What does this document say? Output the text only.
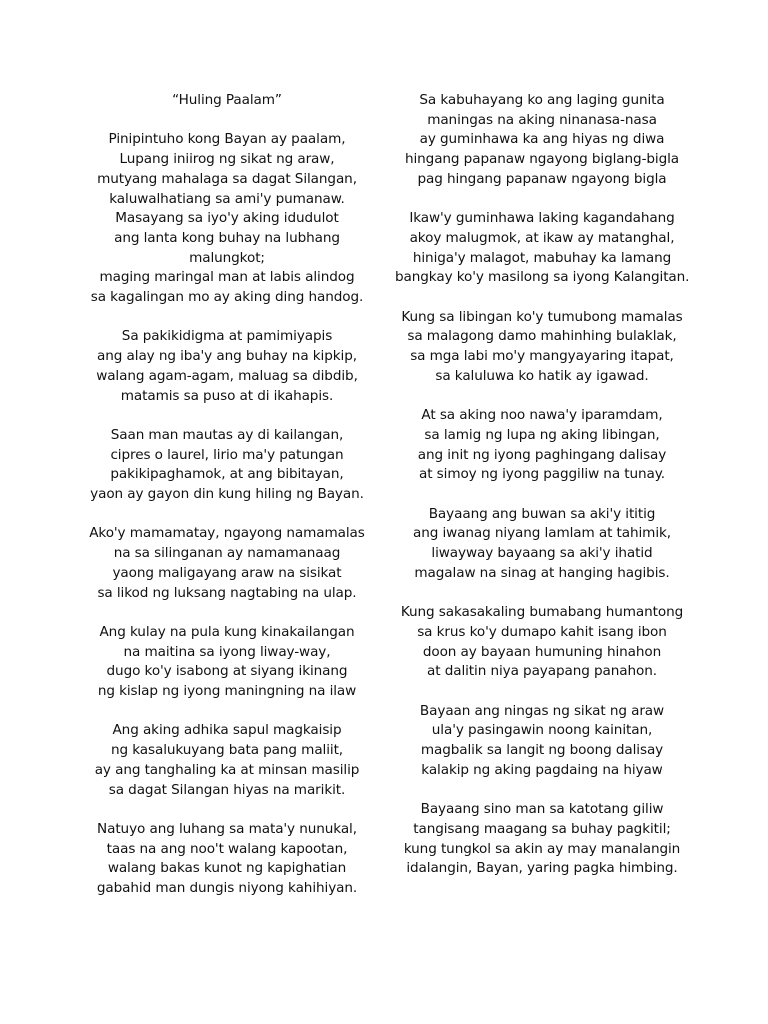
“Huling Paalam”
Pinipintuho kong Bayan ay paalam,
Lupang iniirog ng sikat ng araw,
mutyang mahalaga sa dagat Silangan,
kaluwalhatiang sa ami'y pumanaw.
Masayang sa iyo'y aking idudulot
ang lanta kong buhay na lubhang
malungkot;
maging maringal man at labis alindog
sa kagalingan mo ay aking ding handog.
Sa pakikidigma at pamimiyapis
ang alay ng iba'y ang buhay na kipkip,
walang agam-agam, maluag sa dibdib,
matamis sa puso at di ikahapis.
Saan man mautas ay di kailangan,
cipres o laurel, lirio ma'y patungan
pakikipaghamok, at ang bibitayan,
yaon ay gayon din kung hiling ng Bayan.
Ako'y mamamatay, ngayong namamalas
na sa silinganan ay namamanaag
yaong maligayang araw na sisikat
sa likod ng luksang nagtabing na ulap.
Ang kulay na pula kung kinakailangan
na maitina sa iyong liway-way,
dugo ko'y isabong at siyang ikinang
ng kislap ng iyong maningning na ilaw
Ang aking adhika sapul magkaisip
ng kasalukuyang bata pang maliit,
ay ang tanghaling ka at minsan masilip
sa dagat Silangan hiyas na marikit.
Natuyo ang luhang sa mata'y nunukal,
taas na ang noo't walang kapootan,
walang bakas kunot ng kapighatian
gabahid man dungis niyong kahihiyan.
Sa kabuhayang ko ang laging gunita
maningas na aking ninanasa-nasa
ay guminhawa ka ang hiyas ng diwa
hingang papanaw ngayong biglang-bigla
pag hingang papanaw ngayong bigla
Ikaw'y guminhawa laking kagandahang
akoy malugmok, at ikaw ay matanghal,
hiniga'y malagot, mabuhay ka lamang
bangkay ko'y masilong sa iyong Kalangitan.
Kung sa libingan ko'y tumubong mamalas
sa malagong damo mahinhing bulaklak,
sa mga labi mo'y mangyayaring itapat,
sa kaluluwa ko hatik ay igawad.
At sa aking noo nawa'y iparamdam,
sa lamig ng lupa ng aking libingan,
ang init ng iyong paghingang dalisay
at simoy ng iyong paggiliw na tunay.
Bayaang ang buwan sa aki'y ititig
ang iwanag niyang lamlam at tahimik,
liwayway bayaang sa aki'y ihatid
magalaw na sinag at hanging hagibis.
Kung sakasakaling bumabang humantong
sa krus ko'y dumapo kahit isang ibon
doon ay bayaan humuning hinahon
at dalitin niya payapang panahon.
Bayaan ang ningas ng sikat ng araw
ula'y pasingawin noong kainitan,
magbalik sa langit ng boong dalisay
kalakip ng aking pagdaing na hiyaw
Bayaang sino man sa katotang giliw
tangisang maagang sa buhay pagkitil;
kung tungkol sa akin ay may manalangin
idalangin, Bayan, yaring pagka himbing.
